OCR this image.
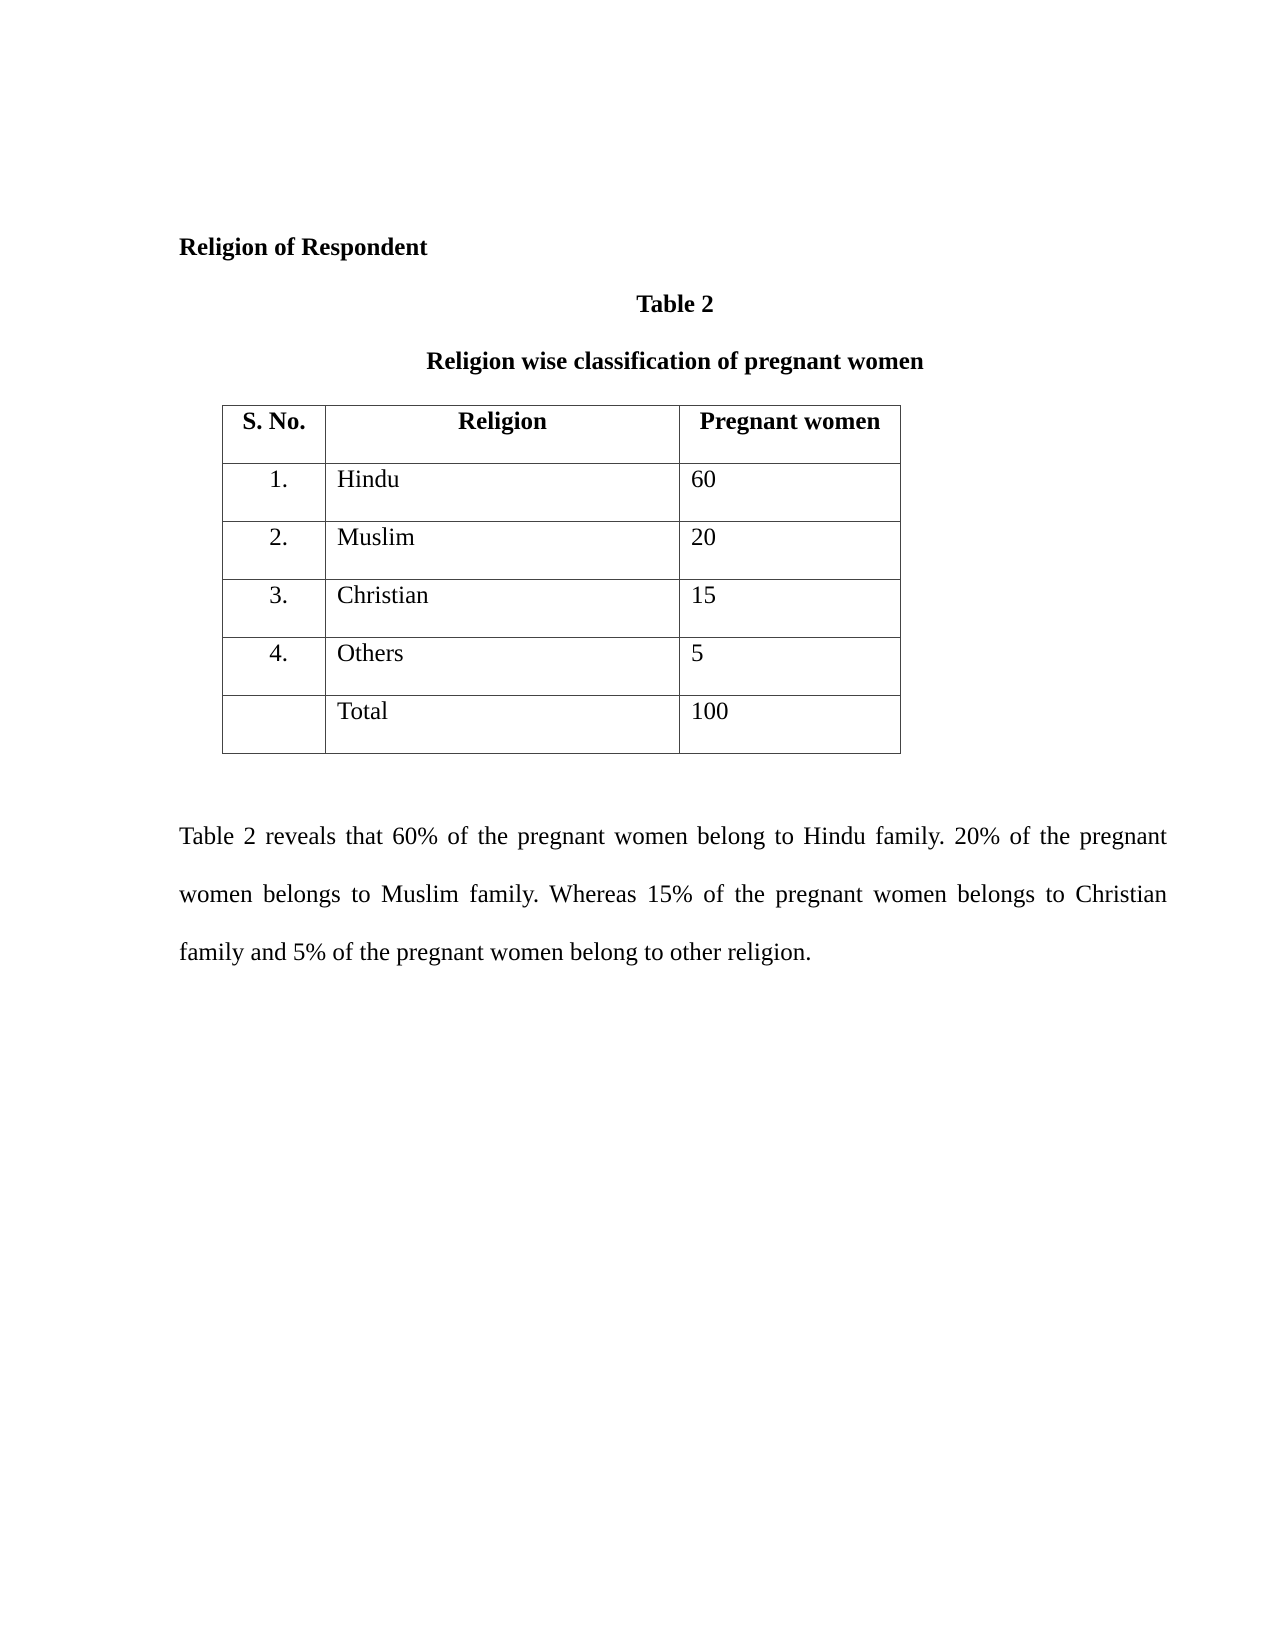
Religion of Respondent
Table 2
Religion wise classification of pregnant women
S. No.	Religion	Pregnant women
1.	Hindu	60
2.	Muslim	20
3.	Christian	15
4.	Others	5
	Total	100
Table 2 reveals that 60% of the pregnant women belong to Hindu family. 20% of the pregnant women belongs to Muslim family. Whereas 15% of the pregnant women belongs to Christian family and 5% of the pregnant women belong to other religion.
